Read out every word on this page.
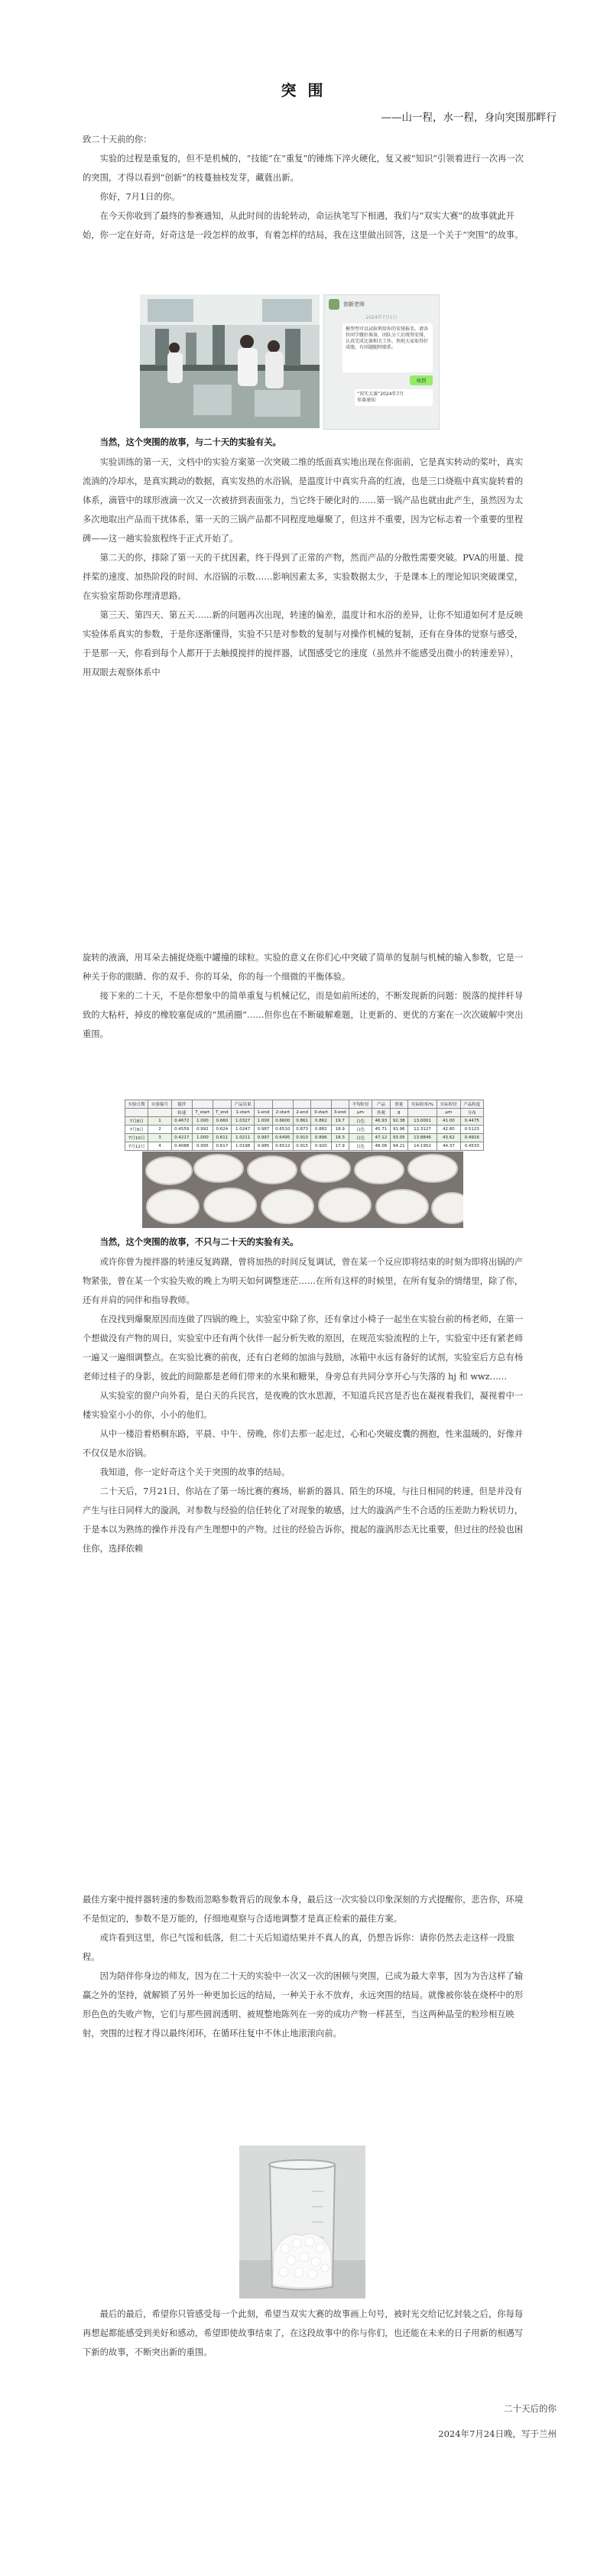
突 围
——山一程，水一程，身向突围那畔行

致二十天前的你：

实验的过程是重复的，但不是机械的，“技能”在“重复”的锤炼下淬火硬化，复又被“知识”引领着进行一次再一次的突围，才得以看到“创新”的枝蔓抽枝发芽，藏蕤出新。

你好，7月1日的你。

在今天你收到了最终的参赛通知，从此时间的齿轮转动，命运执笔写下相遇，我们与“双实大赛”的故事就此开始，你一定在好奇，好奇这是一段怎样的故事，有着怎样的结局，我在这里做出回答，这是一个关于“突围”的故事。

创新老师
2024年7月1日
模型型可以试验利用你的安排报名，请各位同学做好准备，团队分工后统筹安排，认真完成比赛相关工作，预祝大家取得好成绩，有问题随时联系。
收到
“双实大赛”2024年7月
参赛通知

当然，这个突围的故事，与二十天的实验有关。

实验训练的第一天，文档中的实验方案第一次突破二维的纸面真实地出现在你面前，它是真实转动的桨叶，真实流淌的冷却水，是真实跳动的数据，真实发热的水浴锅，是温度计中真实升高的红液，也是三口烧瓶中真实旋转着的体系，滴管中的球形液滴一次又一次被挤到表面张力，当它终于硬化时的……第一锅产品也就由此产生，虽然因为太多次地取出产品而干扰体系，第一天的三锅产品都不同程度地爆聚了，但这并不重要，因为它标志着一个重要的里程碑——这一趟实验旅程终于正式开始了。

第二天的你，排除了第一天的干扰因素，终于得到了正常的产物，然而产品的分散性需要突破。PVA的用量、搅拌桨的速度、加热阶段的时间、水浴锅的示数……影响因素太多，实验数据太少，于是课本上的理论知识突破课堂，在实验室帮助你理清思路。

第三天、第四天、第五天……新的问题再次出现，转速的偏差，温度计和水浴的差异，让你不知道如何才是反映实验体系真实的参数，于是你逐渐懂得，实验不只是对参数的复制与对操作机械的复制，还有在身体的觉察与感受，于是那一天，你看到每个人都开于去触摸搅拌的搅拌器，试图感受它的速度（虽然并不能感受出微小的转速差异），用双眼去观察体系中

旋转的液滴，用耳朵去捕捉烧瓶中罐撞的球粒。实验的意义在你们心中突破了简单的复制与机械的输入参数，它是一种关于你的眼睛、你的双手、你的耳朵，你的每一个细微的平衡体验。

接下来的二十天，不是你想象中的简单重复与机械记忆，而是如前所述的，不断发现新的问题：脱落的搅拌杆导致的大粘杆，掉皮的橡胶塞促成的“黑函圈”……但你也在不断破解难题，让更新的、更优的方案在一次次破解中突出重围。

实验日期	实验编号	搅拌			产品乐果						平均粒径	产品	重量	实际收率/%	实际粒径	产品粒度
		转速	T_start	T_end	1-start	1-end	2-start	2-end	3-start	3-end	μm	外观	g		μm	分布
7月8日	1	0.4672	1.000	0.660	1.0327	1.000	0.6600	0.861	0.862	19.7	白色	46.93	92.38	13.0001	41.00	0.4475
7月9日	2	0.4559	0.992	0.624	1.0247	0.987	0.6510	0.873	0.882	18.9	白色	45.71	91.96	12.3127	42.80	0.5123
7月10日	3	0.4217	1.000	0.611	1.0211	0.997	0.6495	0.910	0.896	18.3	白色	47.12	93.05	13.8846	43.62	0.4916
7月12日	4	0.4088	0.995	0.617	1.0198	0.985	0.6512	0.915	0.920	17.9	白色	48.06	94.21	14.1952	44.37	0.4533

当然，这个突围的故事，不只与二十天的实验有关。

或许你曾为搅拌器的转速反复踌躇，曾将加热的时间反复调试，曾在某一个反应即将结束的时刻为即将出锅的产物紧张，曾在某一个实验失败的晚上为明天如何调整迷茫……在所有这样的时候里，在所有复杂的情绪里，除了你，还有并肩的同伴和指导教师。

在没找到爆聚原因而连做了四锅的晚上，实验室中除了你，还有拿过小椅子一起坐在实验台前的杨老师，在第一个想做没有产物的周日，实验室中还有两个伙伴一起分析失败的原因，在规范实验流程的上午，实验室中还有紧老师一遍又一遍细调整点。在实验比赛的前夜，还有白老师的加油与鼓励，冰箱中永远有备好的试剂，实验室后方总有杨老师过桂子的身影，彼此的间隙都是老师们带来的水果和糖果，身旁总有共同分享开心与失落的 hj 和 wwz……

从实验室的窗户向外看，是白天的兵民宫，是夜晚的饮水思源，不知道兵民宫是否也在凝视着我们，凝视着中一楼实验室小小的你，小小的他们。

从中一楼沿着梧桐东路，平晨、中午、傍晚，你们去那一起走过，心和心突破皮囊的拥抱，性来温暖的，好像并不仅仅是水浴锅。

我知道，你一定好奇这个关于突围的故事的结局。

二十天后，7月21日，你站在了第一场比赛的赛场，崭新的器具、陌生的环境，与往日相同的转速，但是并没有产生与往日同样大的漩涡，对参数与经验的信任转化了对现象的敏感，过大的漩涡产生不合适的压差助力粉状切力，于是本以为熟练的操作并没有产生理想中的产物。过往的经验告诉你，搅起的漩涡形态无比重要，但过往的经验也困住你，选择依赖

最佳方案中搅拌器转速的参数而忽略参数背后的现象本身，最后这一次实验以印象深刻的方式提醒你，悲告你，环境不是恒定的，参数不是万能的，仔细地观察与合适地调整才是真正检索的最佳方案。

或许看到这里，你已气馁和低落，但二十天后知道结果并不真人的真，仍想告诉你：请你仍然去走这样一段旅程。

因为陪伴你身边的师友，因为在二十天的实验中一次又一次的困顿与突围，已成为最大幸事，因为为告这样了输赢之外的坚持，就解锁了另外一种更加长远的结局，一种关于永不放弃，永远突围的结局。就像被你装在烧杯中的形形色色的失败产物，它们与那些圆润透明、被规整地陈列在一旁的成功产物一样甚至，当这两种晶莹的粒珍相互映射，突围的过程才得以最终闭环，在循环往复中不休止地滚滚向前。

最后的最后，希望你只管感受每一个此刻，希望当双实大赛的故事画上句号，被时光交给记忆封装之后，你每每再想起都能感受到美好和感动，希望即使故事结束了，在这段故事中的你与你们，也还能在未来的日子用新的相遇写下新的故事，不断突出新的重围。

二十天后的你
2024年7月24日晚，写于兰州
